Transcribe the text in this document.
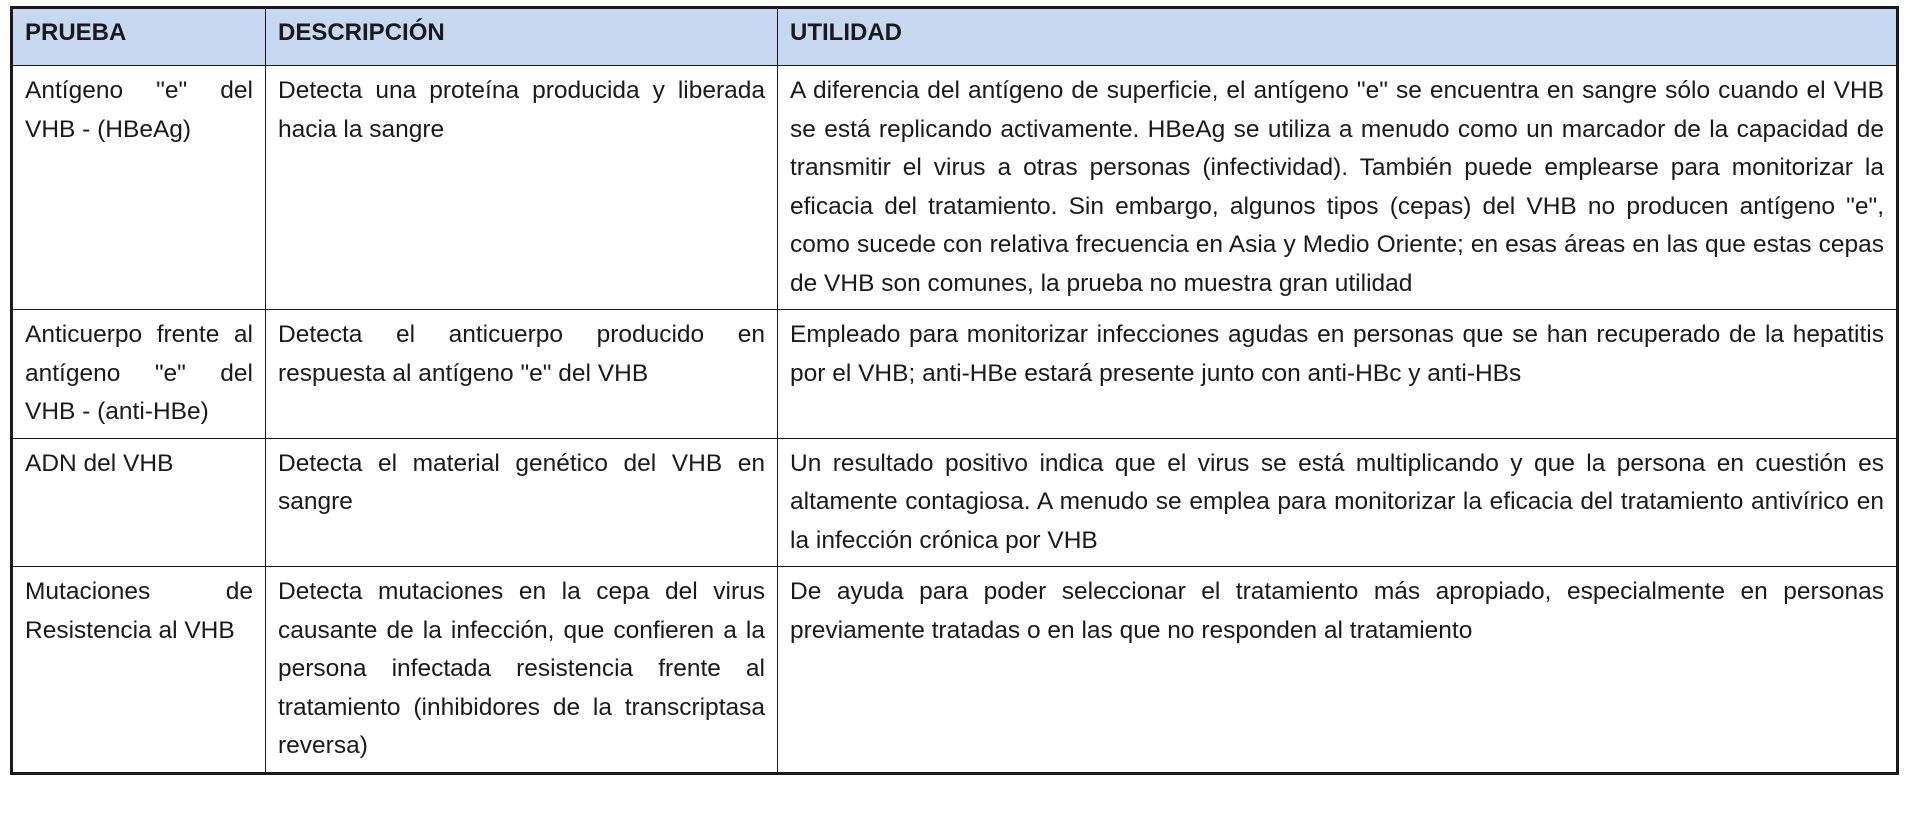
PRUEBA	DESCRIPCIÓN	UTILIDAD
Antígeno "e" del VHB - (HBeAg)	Detecta una proteína producida y liberada hacia la sangre	A diferencia del antígeno de superficie, el antígeno "e" se encuentra en sangre sólo cuando el VHB se está replicando activamente. HBeAg se utiliza a menudo como un marcador de la capacidad de transmitir el virus a otras personas (infectividad). También puede emplearse para monitorizar la eficacia del tratamiento. Sin embargo, algunos tipos (cepas) del VHB no producen antígeno "e", como sucede con relativa frecuencia en Asia y Medio Oriente; en esas áreas en las que estas cepas de VHB son comunes, la prueba no muestra gran utilidad
Anticuerpo frente al antígeno "e" del VHB - (anti-HBe)	Detecta el anticuerpo producido en respuesta al antígeno "e" del VHB	Empleado para monitorizar infecciones agudas en personas que se han recuperado de la hepatitis por el VHB; anti-HBe estará presente junto con anti-HBc y anti-HBs
ADN del VHB	Detecta el material genético del VHB en sangre	Un resultado positivo indica que el virus se está multiplicando y que la persona en cuestión es altamente contagiosa. A menudo se emplea para monitorizar la eficacia del tratamiento antivírico en la infección crónica por VHB
Mutaciones de Resistencia al VHB	Detecta mutaciones en la cepa del virus causante de la infección, que confieren a la persona infectada resistencia frente al tratamiento (inhibidores de la transcriptasa reversa)	De ayuda para poder seleccionar el tratamiento más apropiado, especialmente en personas previamente tratadas o en las que no responden al tratamiento
